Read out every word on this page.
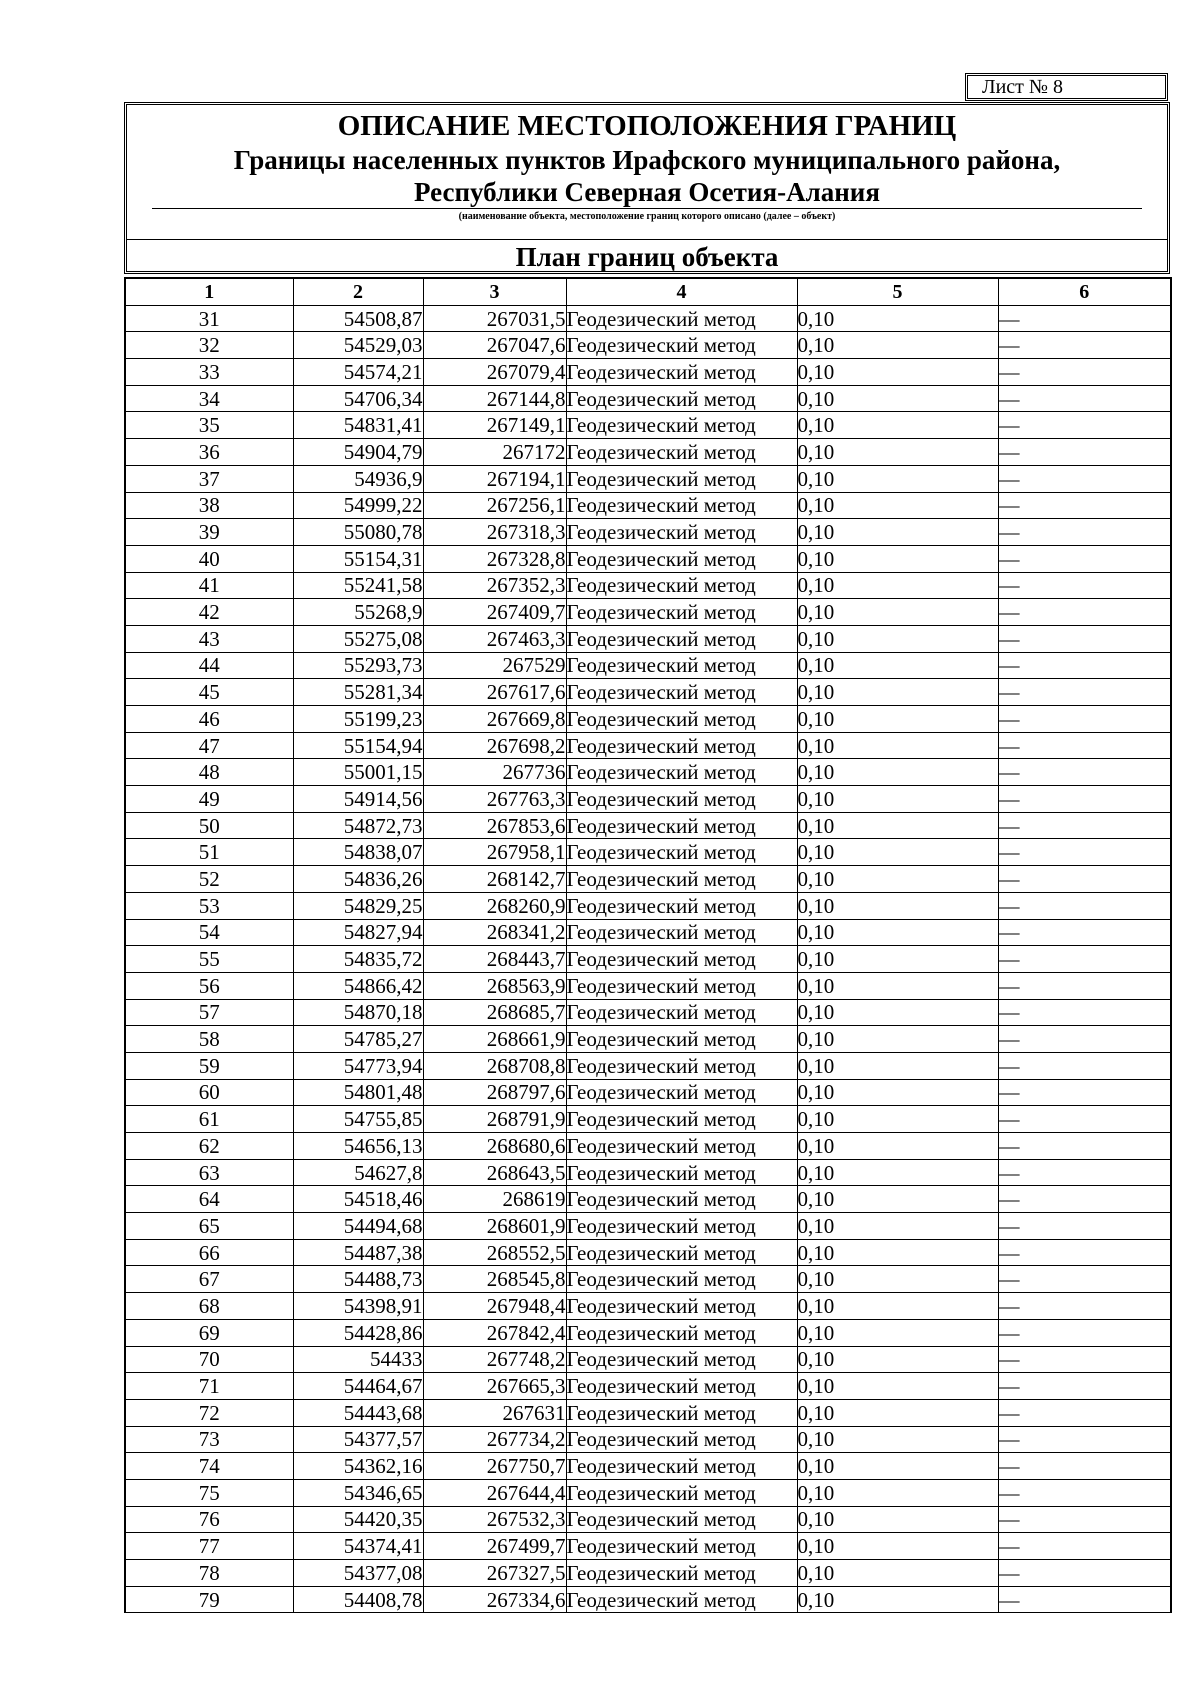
Лист № 8
ОПИСАНИЕ МЕСТОПОЛОЖЕНИЯ ГРАНИЦ
Границы населенных пунктов Ирафского муниципального района,
Республики Северная Осетия-Алания
(наименование объекта, местоположение границ которого описано (далее – объект)
План границ объекта
1	2	3	4	5	6
31	54508,87	267031,5	Геодезический метод	0,10	—
32	54529,03	267047,6	Геодезический метод	0,10	—
33	54574,21	267079,4	Геодезический метод	0,10	—
34	54706,34	267144,8	Геодезический метод	0,10	—
35	54831,41	267149,1	Геодезический метод	0,10	—
36	54904,79	267172	Геодезический метод	0,10	—
37	54936,9	267194,1	Геодезический метод	0,10	—
38	54999,22	267256,1	Геодезический метод	0,10	—
39	55080,78	267318,3	Геодезический метод	0,10	—
40	55154,31	267328,8	Геодезический метод	0,10	—
41	55241,58	267352,3	Геодезический метод	0,10	—
42	55268,9	267409,7	Геодезический метод	0,10	—
43	55275,08	267463,3	Геодезический метод	0,10	—
44	55293,73	267529	Геодезический метод	0,10	—
45	55281,34	267617,6	Геодезический метод	0,10	—
46	55199,23	267669,8	Геодезический метод	0,10	—
47	55154,94	267698,2	Геодезический метод	0,10	—
48	55001,15	267736	Геодезический метод	0,10	—
49	54914,56	267763,3	Геодезический метод	0,10	—
50	54872,73	267853,6	Геодезический метод	0,10	—
51	54838,07	267958,1	Геодезический метод	0,10	—
52	54836,26	268142,7	Геодезический метод	0,10	—
53	54829,25	268260,9	Геодезический метод	0,10	—
54	54827,94	268341,2	Геодезический метод	0,10	—
55	54835,72	268443,7	Геодезический метод	0,10	—
56	54866,42	268563,9	Геодезический метод	0,10	—
57	54870,18	268685,7	Геодезический метод	0,10	—
58	54785,27	268661,9	Геодезический метод	0,10	—
59	54773,94	268708,8	Геодезический метод	0,10	—
60	54801,48	268797,6	Геодезический метод	0,10	—
61	54755,85	268791,9	Геодезический метод	0,10	—
62	54656,13	268680,6	Геодезический метод	0,10	—
63	54627,8	268643,5	Геодезический метод	0,10	—
64	54518,46	268619	Геодезический метод	0,10	—
65	54494,68	268601,9	Геодезический метод	0,10	—
66	54487,38	268552,5	Геодезический метод	0,10	—
67	54488,73	268545,8	Геодезический метод	0,10	—
68	54398,91	267948,4	Геодезический метод	0,10	—
69	54428,86	267842,4	Геодезический метод	0,10	—
70	54433	267748,2	Геодезический метод	0,10	—
71	54464,67	267665,3	Геодезический метод	0,10	—
72	54443,68	267631	Геодезический метод	0,10	—
73	54377,57	267734,2	Геодезический метод	0,10	—
74	54362,16	267750,7	Геодезический метод	0,10	—
75	54346,65	267644,4	Геодезический метод	0,10	—
76	54420,35	267532,3	Геодезический метод	0,10	—
77	54374,41	267499,7	Геодезический метод	0,10	—
78	54377,08	267327,5	Геодезический метод	0,10	—
79	54408,78	267334,6	Геодезический метод	0,10	—
